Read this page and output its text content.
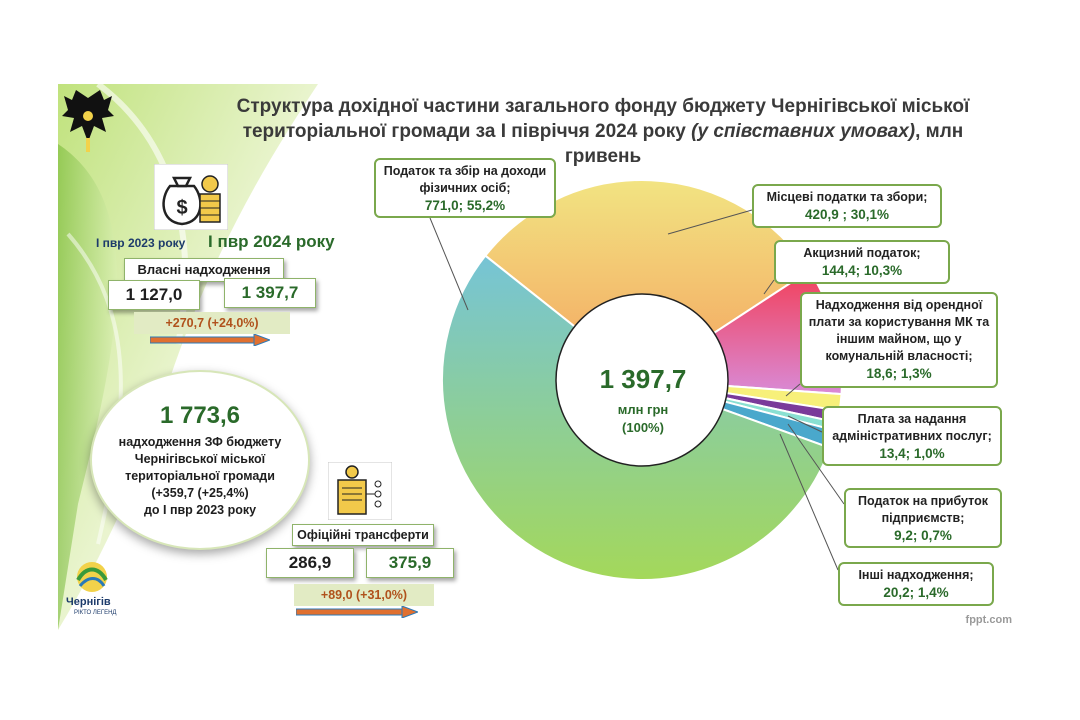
Структура дохідної частини загального фонду бюджету Чернігівської міської
територіальної громади за І півріччя 2024 року (у співставних умовах), млн гривень
$
І пвр 2023 року І пвр 2024 року
Власні надходження
1 127,0	1 397,7
+270,7 (+24,0%)
1 773,6
надходження ЗФ бюджету
Чернігівської міської
територіальної громади
(+359,7 (+25,4%)
до І пвр 2023 року
Офіційні трансферти
286,9	375,9
+89,0 (+31,0%)
Чернігів
РІКТО ЛЕГЕНД
1 397,7
млн грн
(100%)
Податок та збір на доходи фізичних осіб;
771,0; 55,2%
Місцеві податки та збори;
420,9 ; 30,1%
Акцизний податок;
144,4; 10,3%
Надходження від орендної плати за користування МК та іншим майном, що у комунальній власності;
18,6; 1,3%
Плата за надання адміністративних послуг;
13,4; 1,0%
Податок на прибуток підприємств;
9,2; 0,7%
Інші надходження;
20,2; 1,4%
fppt.com
